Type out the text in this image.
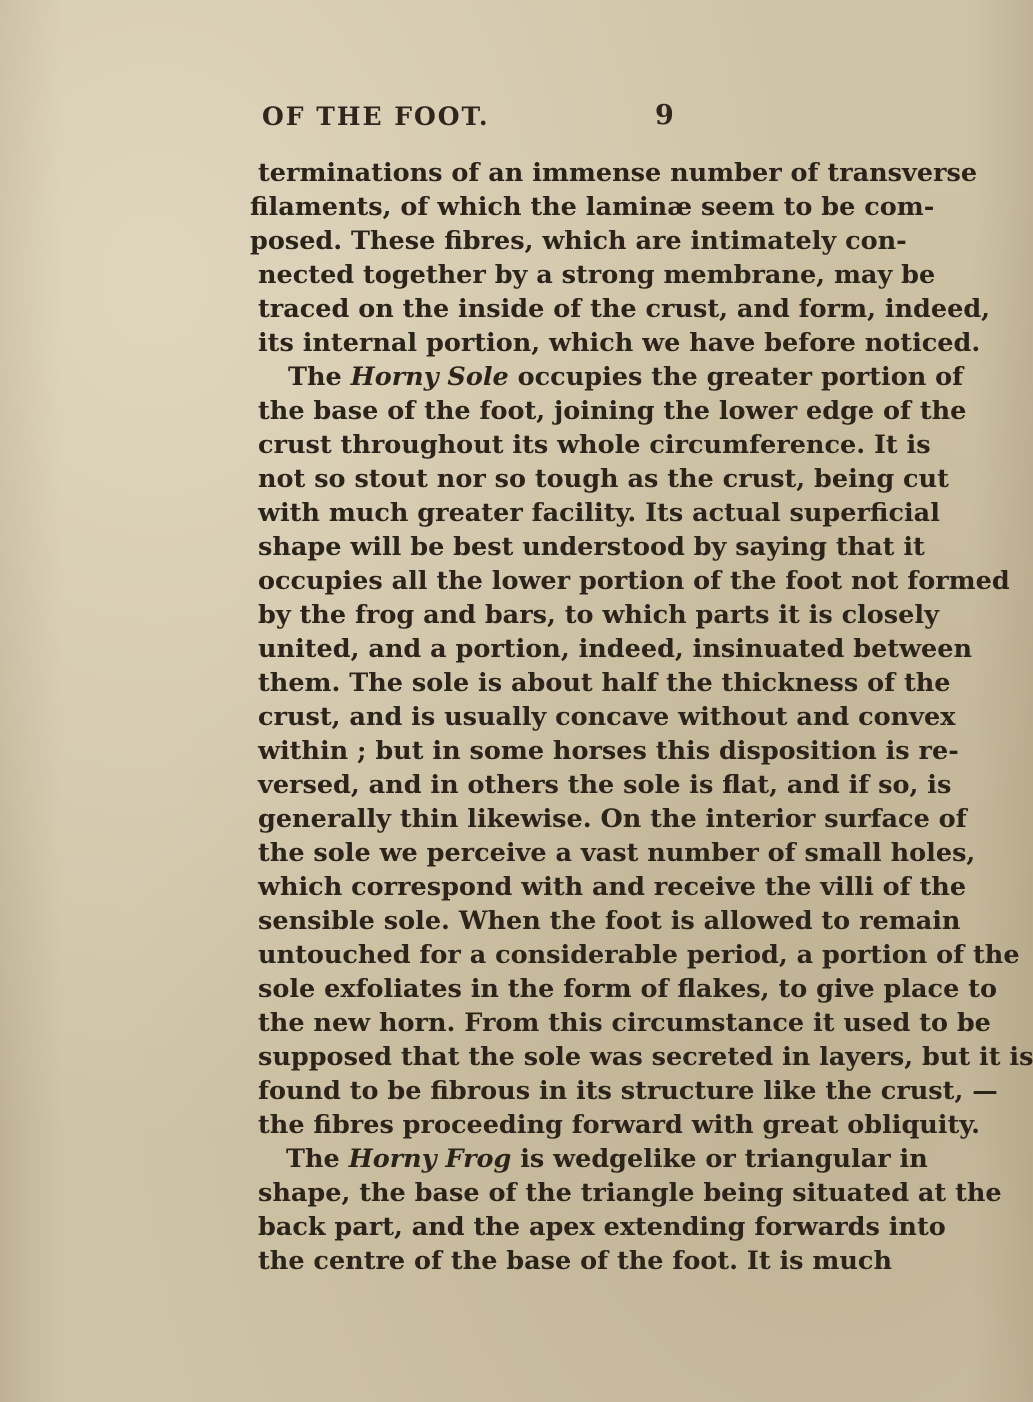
OF THE FOOT.	9
terminations of an immense number of transverse
filaments, of which the laminæ seem to be com-
posed. These fibres, which are intimately con-
nected together by a strong membrane, may be
traced on the inside of the crust, and form, indeed,
its internal portion, which we have before noticed.
The Horny Sole occupies the greater portion of
the base of the foot, joining the lower edge of the
crust throughout its whole circumference. It is
not so stout nor so tough as the crust, being cut
with much greater facility. Its actual superficial
shape will be best understood by saying that it
occupies all the lower portion of the foot not formed
by the frog and bars, to which parts it is closely
united, and a portion, indeed, insinuated between
them. The sole is about half the thickness of the
crust, and is usually concave without and convex
within ; but in some horses this disposition is re-
versed, and in others the sole is flat, and if so, is
generally thin likewise. On the interior surface of
the sole we perceive a vast number of small holes,
which correspond with and receive the villi of the
sensible sole. When the foot is allowed to remain
untouched for a considerable period, a portion of the
sole exfoliates in the form of flakes, to give place to
the new horn. From this circumstance it used to be
supposed that the sole was secreted in layers, but it is
found to be fibrous in its structure like the crust, —
the fibres proceeding forward with great obliquity.
The Horny Frog is wedgelike or triangular in
shape, the base of the triangle being situated at the
back part, and the apex extending forwards into
the centre of the base of the foot. It is much
